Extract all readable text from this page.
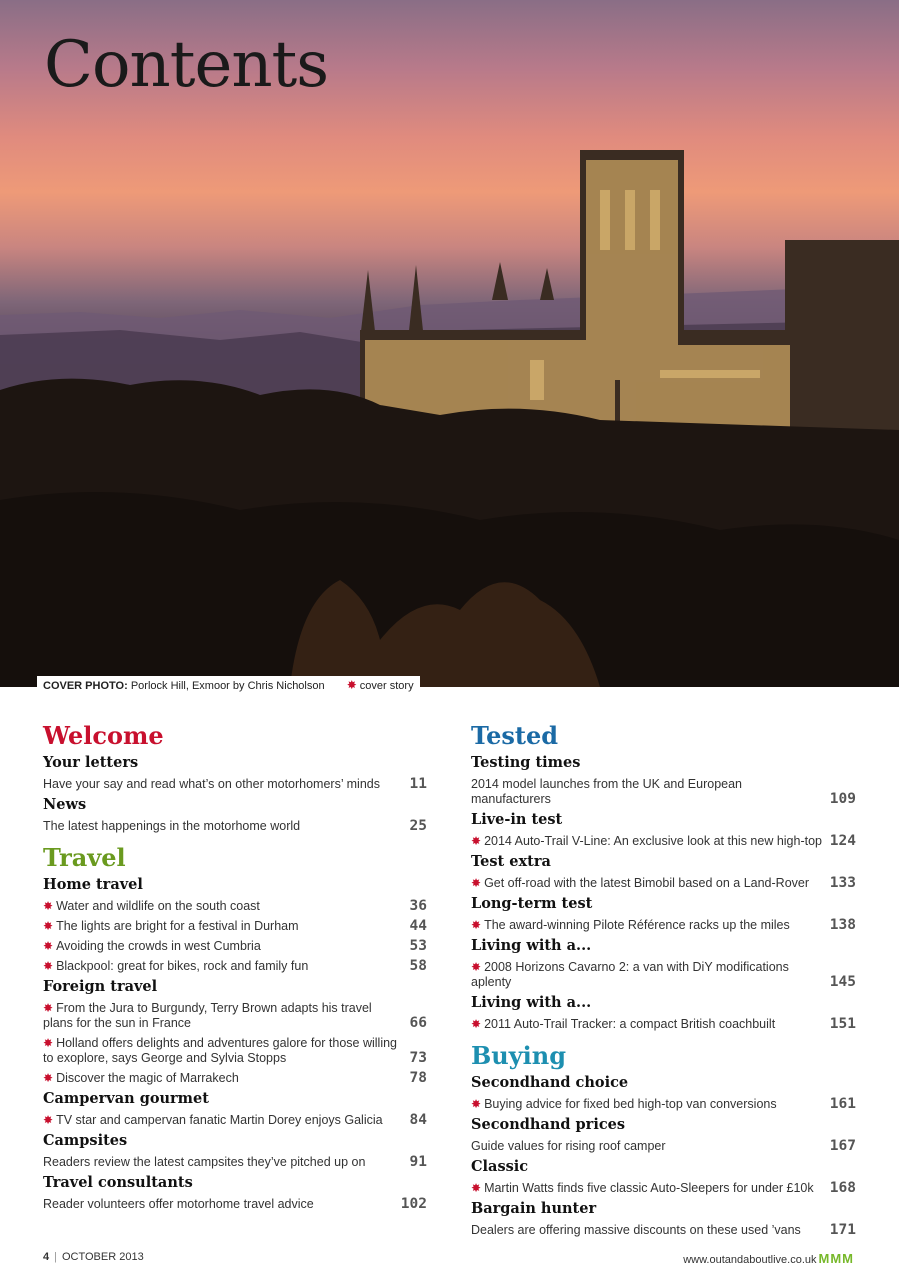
Contents
COVER PHOTO: Porlock Hill, Exmoor by Chris Nicholson ✸ cover story
Welcome
Your letters
Have your say and read what’s on other motorhomers’ minds	11
News
The latest happenings in the motorhome world	25
Travel
Home travel
✸ Water and wildlife on the south coast	36
✸ The lights are bright for a festival in Durham	44
✸ Avoiding the crowds in west Cumbria	53
✸ Blackpool: great for bikes, rock and family fun	58
Foreign travel
✸ From the Jura to Burgundy, Terry Brown adapts his travel plans for the sun in France	66
✸ Holland offers delights and adventures galore for those willing to exoplore, says George and Sylvia Stopps	73
✸ Discover the magic of Marrakech	78
Campervan gourmet
✸ TV star and campervan fanatic Martin Dorey enjoys Galicia	84
Campsites
Readers review the latest campsites they’ve pitched up on	91
Travel consultants
Reader volunteers offer motorhome travel advice	102
Tested
Testing times
2014 model launches from the UK and European manufacturers	109
Live-in test
✸ 2014 Auto-Trail V-Line: An exclusive look at this new high-top 124
Test extra
✸ Get off-road with the latest Bimobil based on a Land-Rover	133
Long-term test
✸ The award-winning Pilote Référence racks up the miles	138
Living with a...
✸ 2008 Horizons Cavarno 2: a van with DiY modifications aplenty	145
Living with a...
✸ 2011 Auto-Trail Tracker: a compact British coachbuilt	151
Buying
Secondhand choice
✸ Buying advice for fixed bed high-top van conversions	161
Secondhand prices
Guide values for rising roof camper	167
Classic
✸ Martin Watts finds five classic Auto-Sleepers for under £10k	168
Bargain hunter
Dealers are offering massive discounts on these used ’vans	171
4 | OCTOBER 2013	www.outandaboutlive.co.uk MMM
